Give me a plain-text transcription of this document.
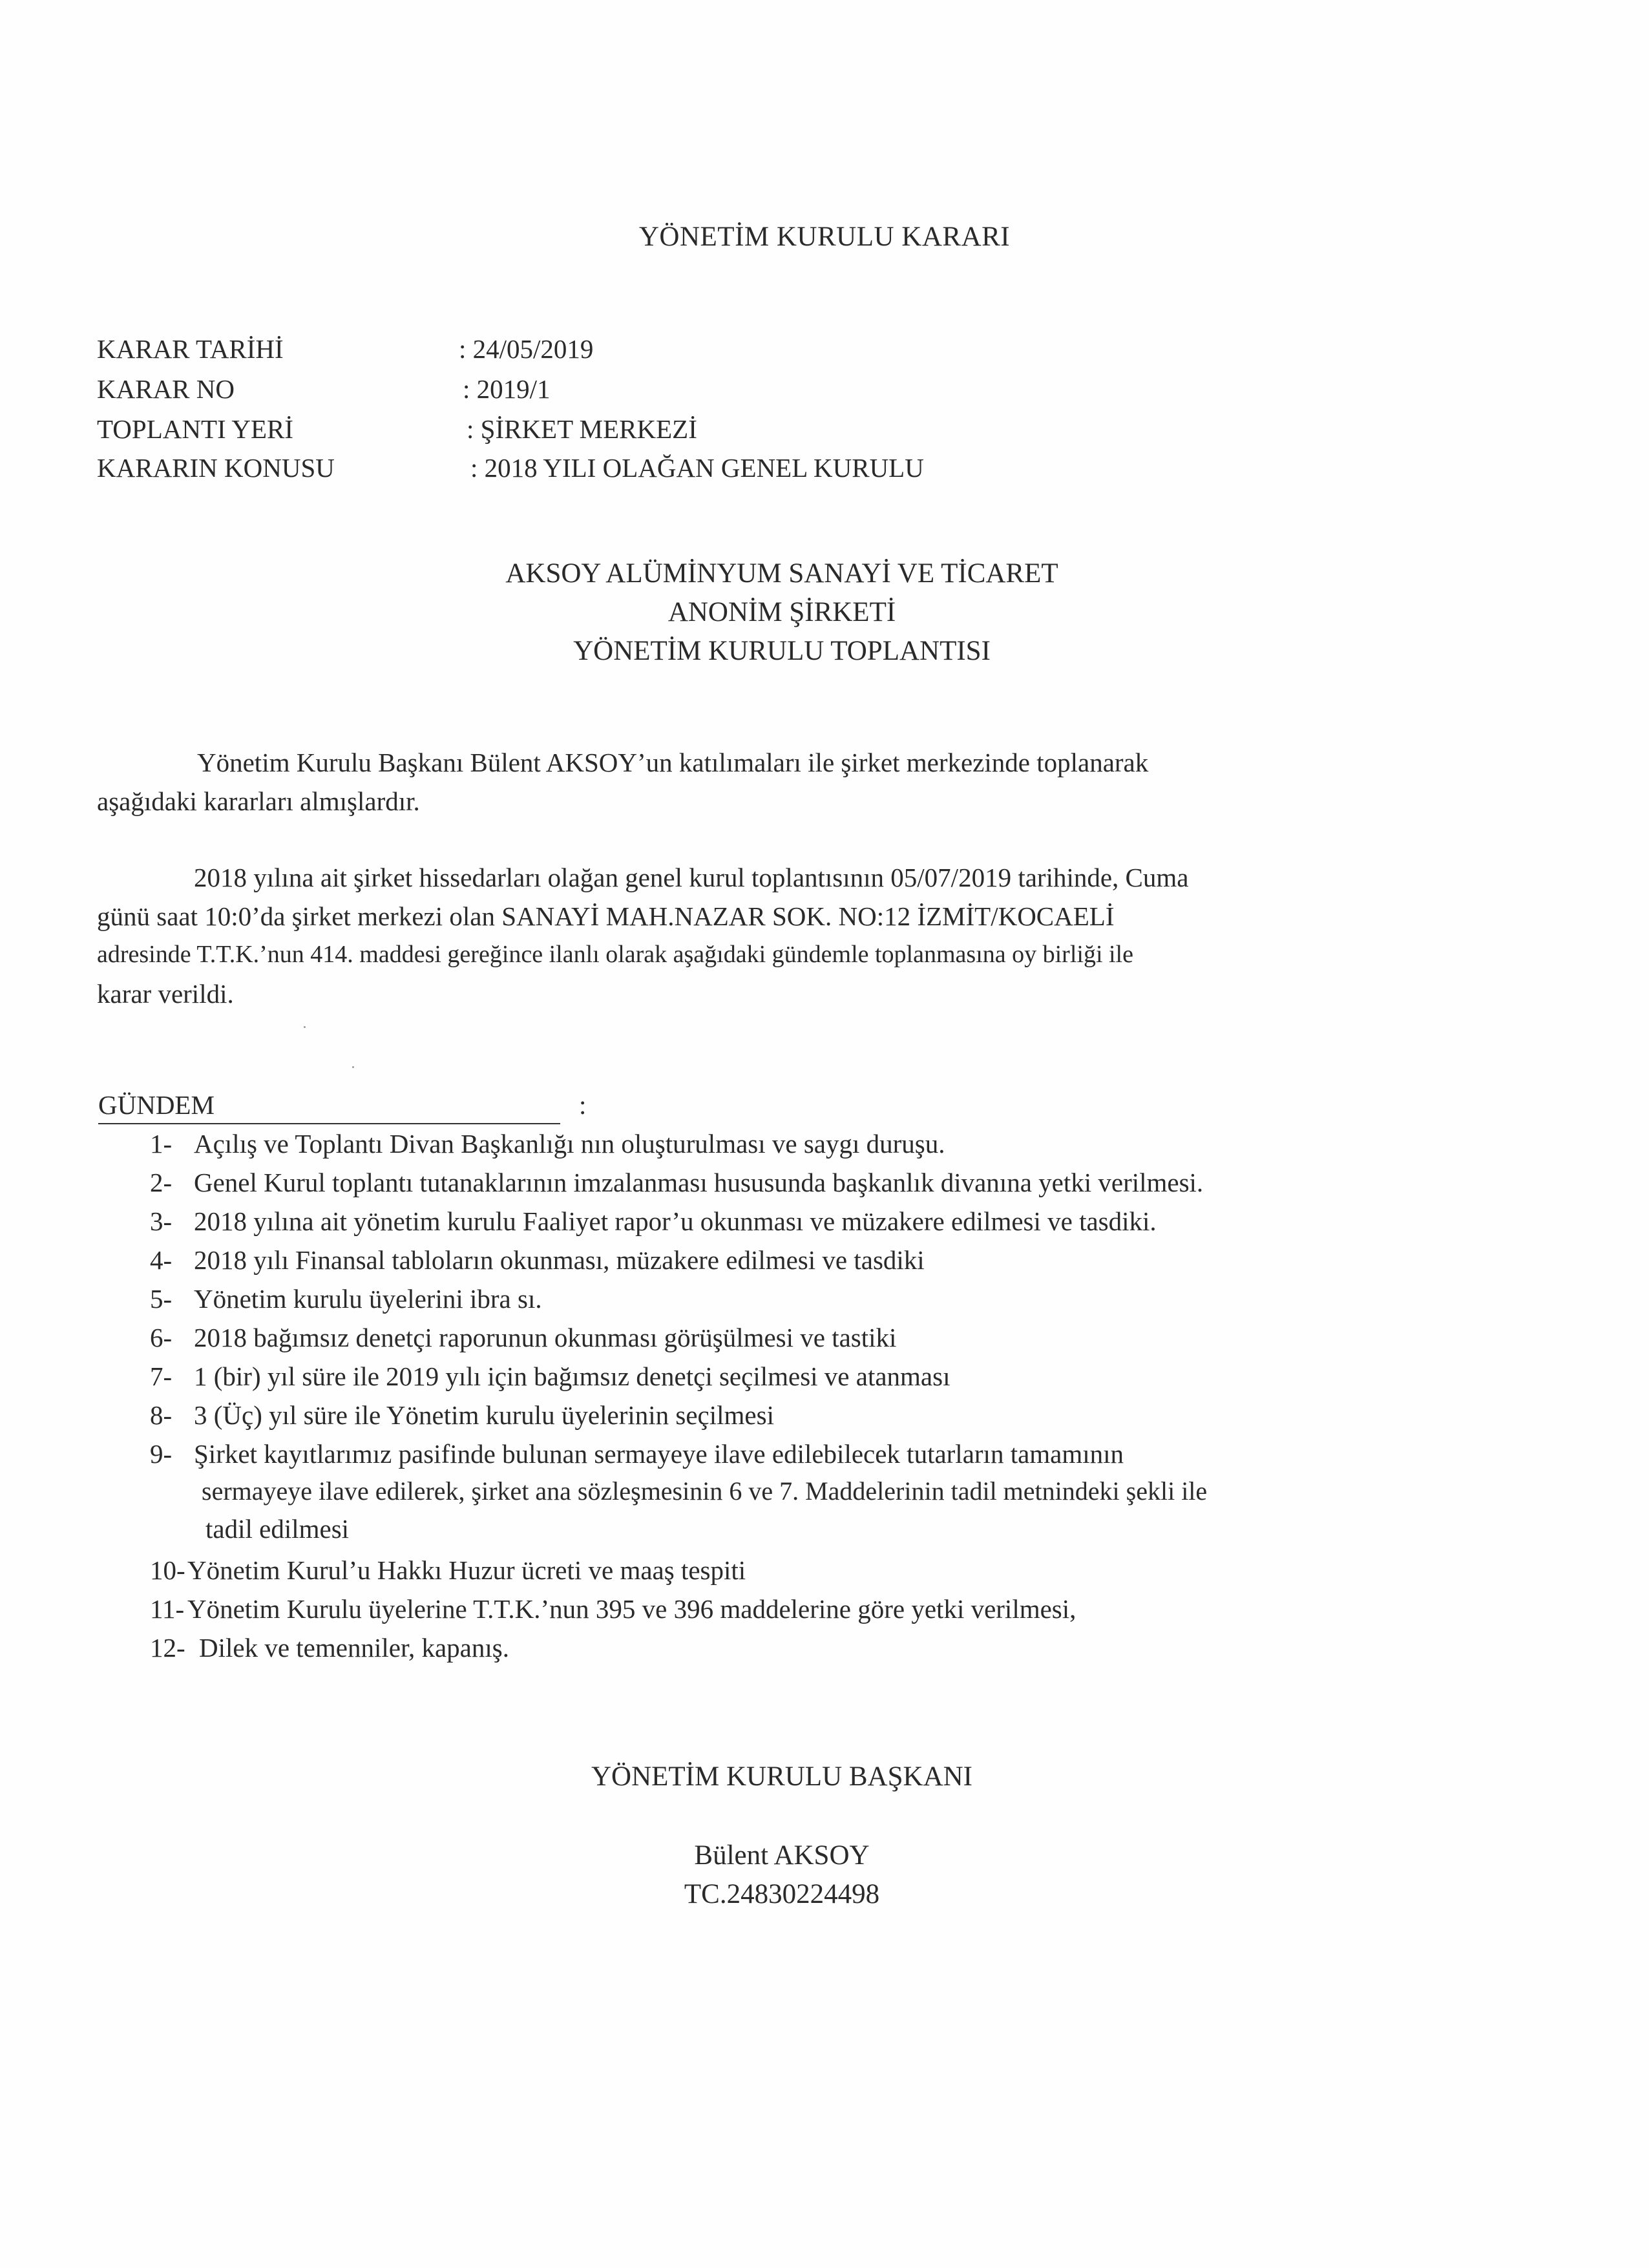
YÖNETİM KURULU KARARI
KARAR TARİHİ	: 24/05/2019
KARAR NO	: 2019/1
TOPLANTI YERİ	: ŞİRKET MERKEZİ
KARARIN KONUSU	: 2018 YILI OLAĞAN GENEL KURULU
AKSOY ALÜMİNYUM SANAYİ VE TİCARET
ANONİM ŞİRKETİ
YÖNETİM KURULU TOPLANTISI
Yönetim Kurulu Başkanı Bülent AKSOY’un katılımaları ile şirket merkezinde toplanarak
aşağıdaki kararları almışlardır.
2018 yılına ait şirket hissedarları olağan genel kurul toplantısının 05/07/2019 tarihinde, Cuma
günü saat 10:0’da şirket merkezi olan SANAYİ MAH.NAZAR SOK. NO:12 İZMİT/KOCAELİ
adresinde T.T.K.’nun 414. maddesi gereğince ilanlı olarak aşağıdaki gündemle toplanmasına oy birliği ile
karar verildi.
GÜNDEM	:
1- Açılış ve Toplantı Divan Başkanlığı nın oluşturulması ve saygı duruşu.
2- Genel Kurul toplantı tutanaklarının imzalanması hususunda başkanlık divanına yetki verilmesi.
3- 2018 yılına ait yönetim kurulu Faaliyet rapor’u okunması ve müzakere edilmesi ve tasdiki.
4- 2018 yılı Finansal tabloların okunması, müzakere edilmesi ve tasdiki
5- Yönetim kurulu üyelerini ibra sı.
6- 2018 bağımsız denetçi raporunun okunması görüşülmesi ve tastiki
7- 1 (bir) yıl süre ile 2019 yılı için bağımsız denetçi seçilmesi ve atanması
8- 3 (Üç) yıl süre ile Yönetim kurulu üyelerinin seçilmesi
9- Şirket kayıtlarımız pasifinde bulunan sermayeye ilave edilebilecek tutarların tamamının
sermayeye ilave edilerek, şirket ana sözleşmesinin 6 ve 7. Maddelerinin tadil metnindeki şekli ile
tadil edilmesi
10- Yönetim Kurul’u Hakkı Huzur ücreti ve maaş tespiti
11- Yönetim Kurulu üyelerine T.T.K.’nun 395 ve 396 maddelerine göre yetki verilmesi,
12- Dilek ve temenniler, kapanış.
YÖNETİM KURULU BAŞKANI
Bülent AKSOY
TC.24830224498
